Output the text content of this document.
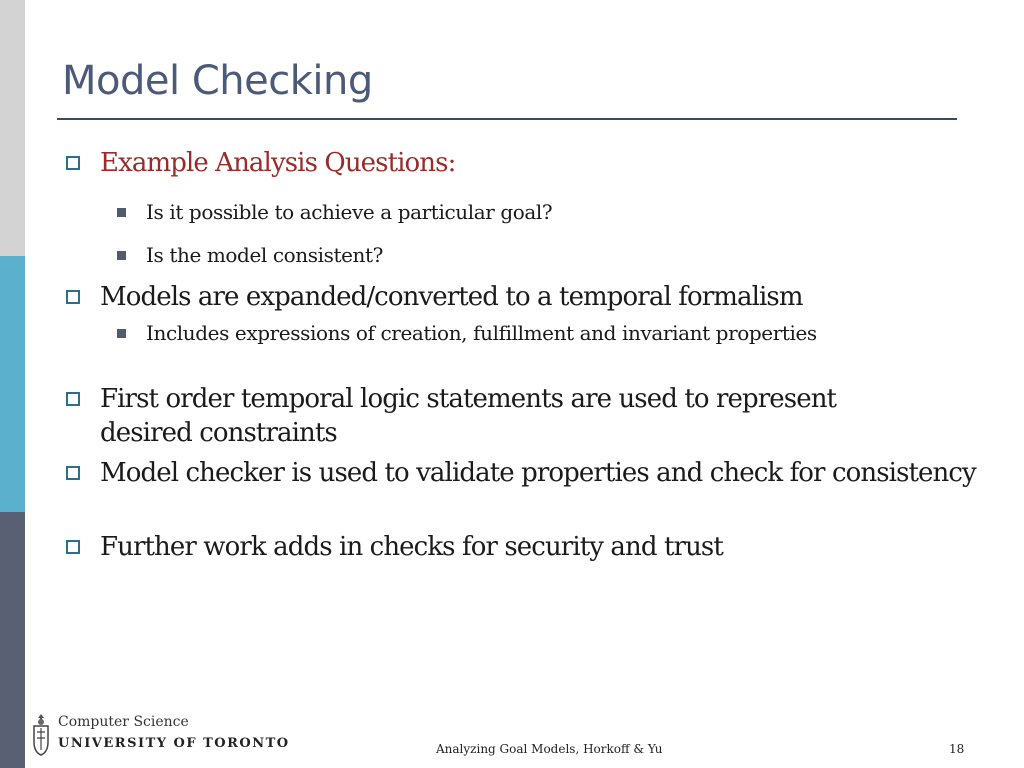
Model Checking
Example Analysis Questions:
Is it possible to achieve a particular goal?
Is the model consistent?
Models are expanded/converted to a temporal formalism
Includes expressions of creation, fulfillment and invariant properties
First order temporal logic statements are used to represent desired constraints
Model checker is used to validate properties and check for consistency
Further work adds in checks for security and trust
Computer Science
UNIVERSITY OF TORONTO	Analyzing Goal Models, Horkoff & Yu	18
